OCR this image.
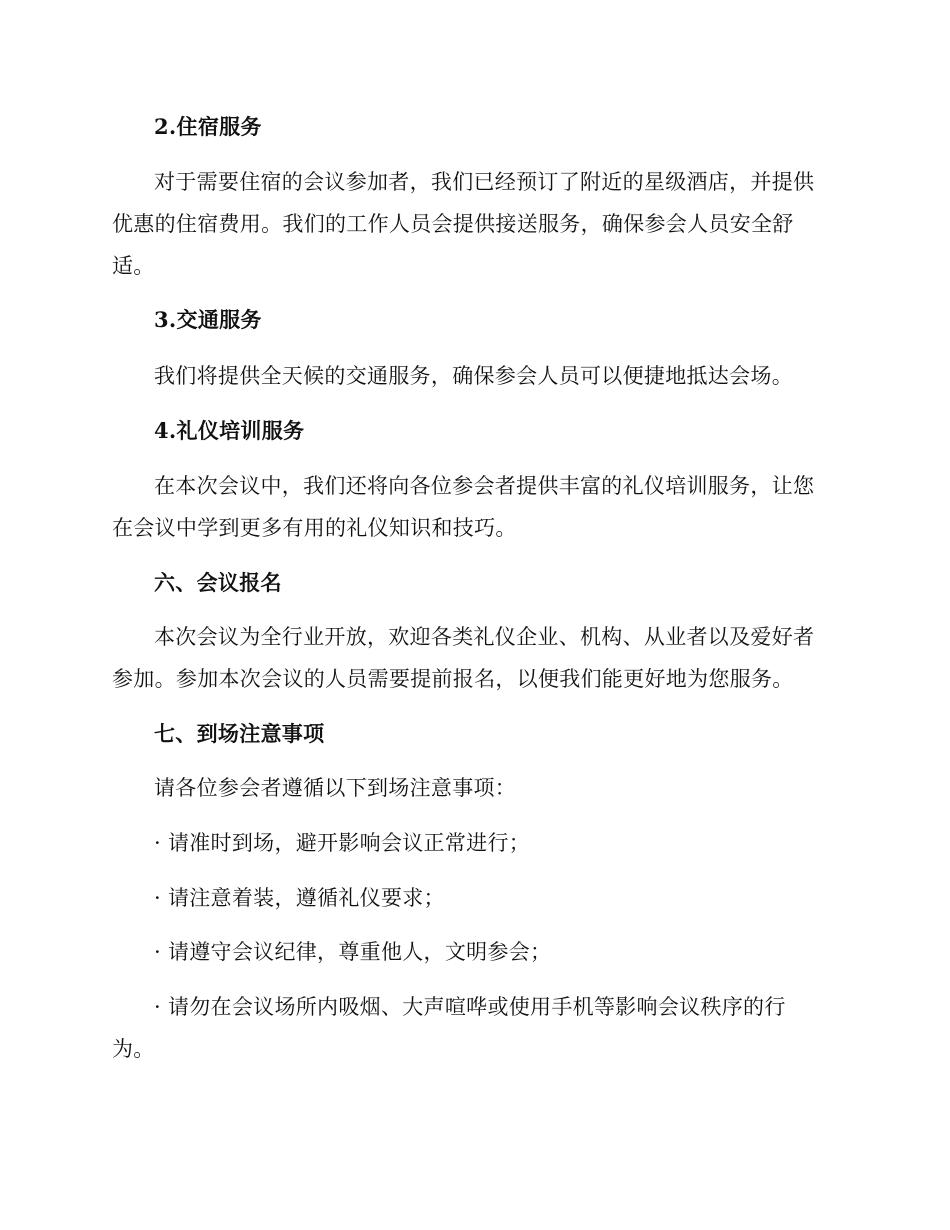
2.住宿服务
对于需要住宿的会议参加者，我们已经预订了附近的星级酒店，并提供优惠的住宿费用。我们的工作人员会提供接送服务，确保参会人员安全舒适。
3.交通服务
我们将提供全天候的交通服务，确保参会人员可以便捷地抵达会场。
4.礼仪培训服务
在本次会议中，我们还将向各位参会者提供丰富的礼仪培训服务，让您在会议中学到更多有用的礼仪知识和技巧。
六、会议报名
本次会议为全行业开放，欢迎各类礼仪企业、机构、从业者以及爱好者参加。参加本次会议的人员需要提前报名，以便我们能更好地为您服务。
七、到场注意事项
请各位参会者遵循以下到场注意事项：
· 请准时到场，避开影响会议正常进行；
· 请注意着装，遵循礼仪要求；
· 请遵守会议纪律，尊重他人，文明参会；
· 请勿在会议场所内吸烟、大声喧哗或使用手机等影响会议秩序的行为。
